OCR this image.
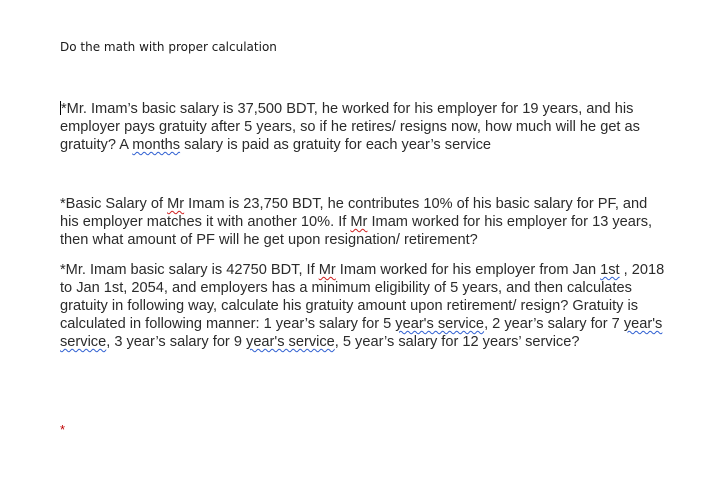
Do the math with proper calculation
*Mr. Imam’s basic salary is 37,500 BDT, he worked for his employer for 19 years, and his
employer pays gratuity after 5 years, so if he retires/ resigns now, how much will he get as
gratuity? A months salary is paid as gratuity for each year’s service
*Basic Salary of Mr Imam is 23,750 BDT, he contributes 10% of his basic salary for PF, and
his employer matches it with another 10%. If Mr Imam worked for his employer for 13 years,
then what amount of PF will he get upon resignation/ retirement?
*Mr. Imam basic salary is 42750 BDT, If Mr Imam worked for his employer from Jan 1st , 2018
to Jan 1st, 2054, and employers has a minimum eligibility of 5 years, and then calculates
gratuity in following way, calculate his gratuity amount upon retirement/ resign? Gratuity is
calculated in following manner: 1 year’s salary for 5 year's service, 2 year’s salary for 7 year's
service, 3 year’s salary for 9 year's service, 5 year’s salary for 12 years’ service?
*
